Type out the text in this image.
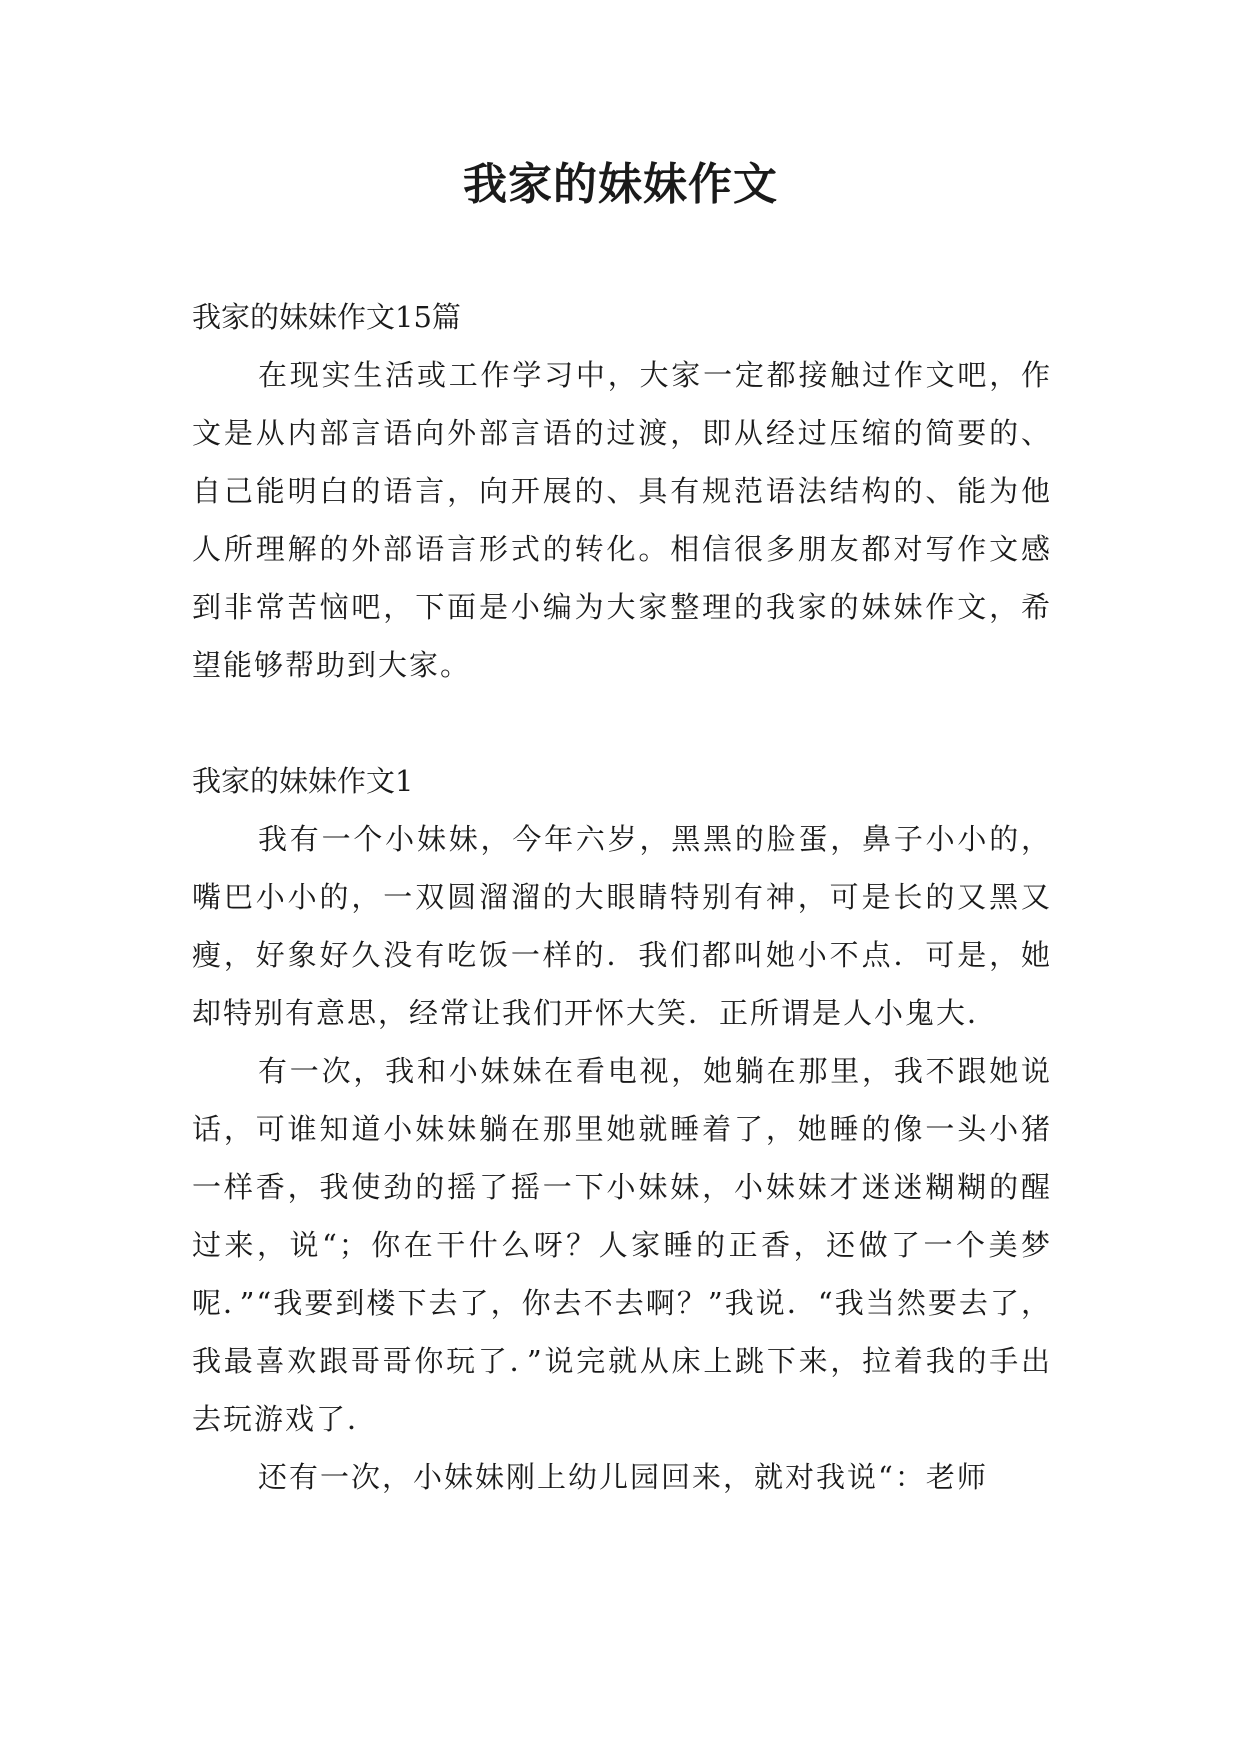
我家的妹妹作文

我家的妹妹作文15篇

在现实生活或工作学习中，大家一定都接触过作文吧，作文是从内部言语向外部言语的过渡，即从经过压缩的简要的、自己能明白的语言，向开展的、具有规范语法结构的、能为他人所理解的外部语言形式的转化。相信很多朋友都对写作文感到非常苦恼吧，下面是小编为大家整理的我家的妹妹作文，希望能够帮助到大家。

我家的妹妹作文1

我有一个小妹妹，今年六岁，黑黑的脸蛋，鼻子小小的，嘴巴小小的，一双圆溜溜的大眼睛特别有神，可是长的又黑又瘦，好象好久没有吃饭一样的．我们都叫她小不点．可是，她却特别有意思，经常让我们开怀大笑．正所谓是人小鬼大．

有一次，我和小妹妹在看电视，她躺在那里，我不跟她说话，可谁知道小妹妹躺在那里她就睡着了，她睡的像一头小猪一样香，我使劲的摇了摇一下小妹妹，小妹妹才迷迷糊糊的醒过来，说“；你在干什么呀？人家睡的正香，还做了一个美梦呢．”“我要到楼下去了，你去不去啊？”我说．“我当然要去了，我最喜欢跟哥哥你玩了．”说完就从床上跳下来，拉着我的手出去玩游戏了．

还有一次，小妹妹刚上幼儿园回来，就对我说“：老师
